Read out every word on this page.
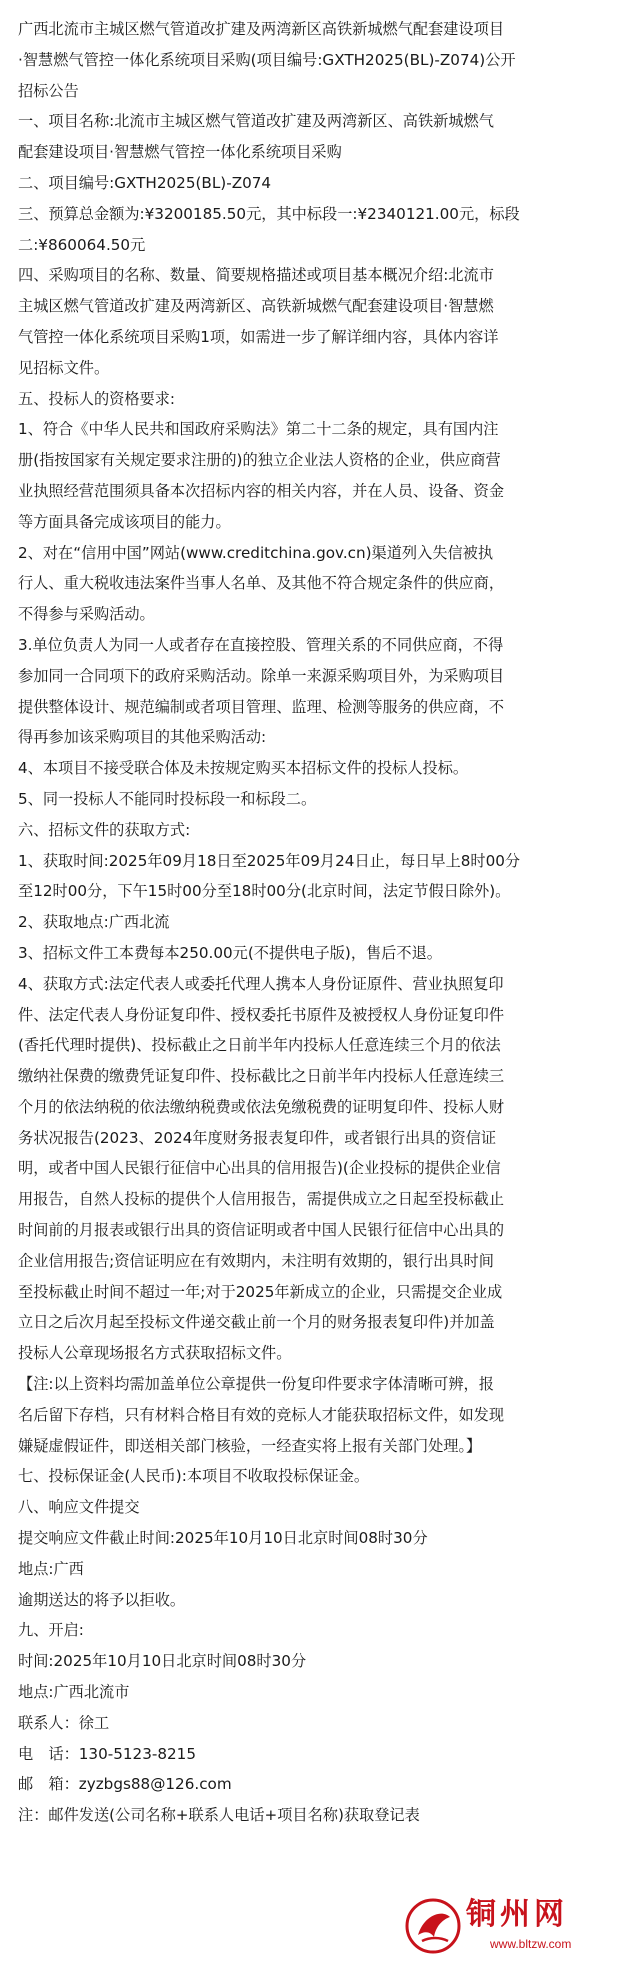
广西北流市主城区燃气管道改扩建及两湾新区高铁新城燃气配套建设项目
·智慧燃气管控一体化系统项目采购(项目编号:GXTH2025(BL)-Z074)公开
招标公告
一、项目名称:北流市主城区燃气管道改扩建及两湾新区、高铁新城燃气
配套建设项目·智慧燃气管控一体化系统项目采购
二、项目编号:GXTH2025(BL)-Z074
三、预算总金额为:¥3200185.50元，其中标段一:¥2340121.00元，标段
二:¥860064.50元
四、采购项目的名称、数量、简要规格描述或项目基本概况介绍:北流市
主城区燃气管道改扩建及两湾新区、高铁新城燃气配套建设项目·智慧燃
气管控一体化系统项目采购1项，如需进一步了解详细内容，具体内容详
见招标文件。
五、投标人的资格要求:
1、符合《中华人民共和国政府采购法》第二十二条的规定，具有国内注
册(指按国家有关规定要求注册的)的独立企业法人资格的企业，供应商营
业执照经营范围须具备本次招标内容的相关内容，并在人员、设备、资金
等方面具备完成该项目的能力。
2、对在“信用中国”网站(www.creditchina.gov.cn)渠道列入失信被执
行人、重大税收违法案件当事人名单、及其他不符合规定条件的供应商，
不得参与采购活动。
3.单位负责人为同一人或者存在直接控股、管理关系的不同供应商，不得
参加同一合同项下的政府采购活动。除单一来源采购项目外，为采购项目
提供整体设计、规范编制或者项目管理、监理、检测等服务的供应商，不
得再参加该采购项目的其他采购活动:
4、本项目不接受联合体及未按规定购买本招标文件的投标人投标。
5、同一投标人不能同时投标段一和标段二。
六、招标文件的获取方式:
1、获取时间:2025年09月18日至2025年09月24日止，每日早上8时00分
至12时00分，下午15时00分至18时00分(北京时间，法定节假日除外)。
2、获取地点:广西北流
3、招标文件工本费每本250.00元(不提供电子版)，售后不退。
4、获取方式:法定代表人或委托代理人携本人身份证原件、营业执照复印
件、法定代表人身份证复印件、授权委托书原件及被授权人身份证复印件
(香托代理时提供)、投标截止之日前半年内投标人任意连续三个月的依法
缴纳社保费的缴费凭证复印件、投标截比之日前半年内投标人任意连续三
个月的依法纳税的依法缴纳税费或依法免缴税费的证明复印件、投标人财
务状况报告(2023、2024年度财务报表复印件，或者银行出具的资信证
明，或者中国人民银行征信中心出具的信用报告)(企业投标的提供企业信
用报告，自然人投标的提供个人信用报告，需提供成立之日起至投标截止
时间前的月报表或银行出具的资信证明或者中国人民银行征信中心出具的
企业信用报告;资信证明应在有效期内，未注明有效期的，银行出具时间
至投标截止时间不超过一年;对于2025年新成立的企业，只需提交企业成
立日之后次月起至投标文件递交截止前一个月的财务报表复印件)并加盖
投标人公章现场报名方式获取招标文件。
【注:以上资料均需加盖单位公章提供一份复印件要求字体清晰可辨，报
名后留下存档，只有材料合格目有效的竞标人才能获取招标文件，如发现
嫌疑虚假证件，即送相关部门核验，一经查实将上报有关部门处理。】
七、投标保证金(人民币):本项目不收取投标保证金。
八、响应文件提交
提交响应文件截止时间:2025年10月10日北京时间08时30分
地点:广西
逾期送达的将予以拒收。
九、开启:
时间:2025年10月10日北京时间08时30分
地点:广西北流市
联系人：徐工
电　话：130-5123-8215
邮　箱：zyzbgs88@126.com
注：邮件发送(公司名称+联系人电话+项目名称)获取登记表
铜州网
www.bltzw.com
